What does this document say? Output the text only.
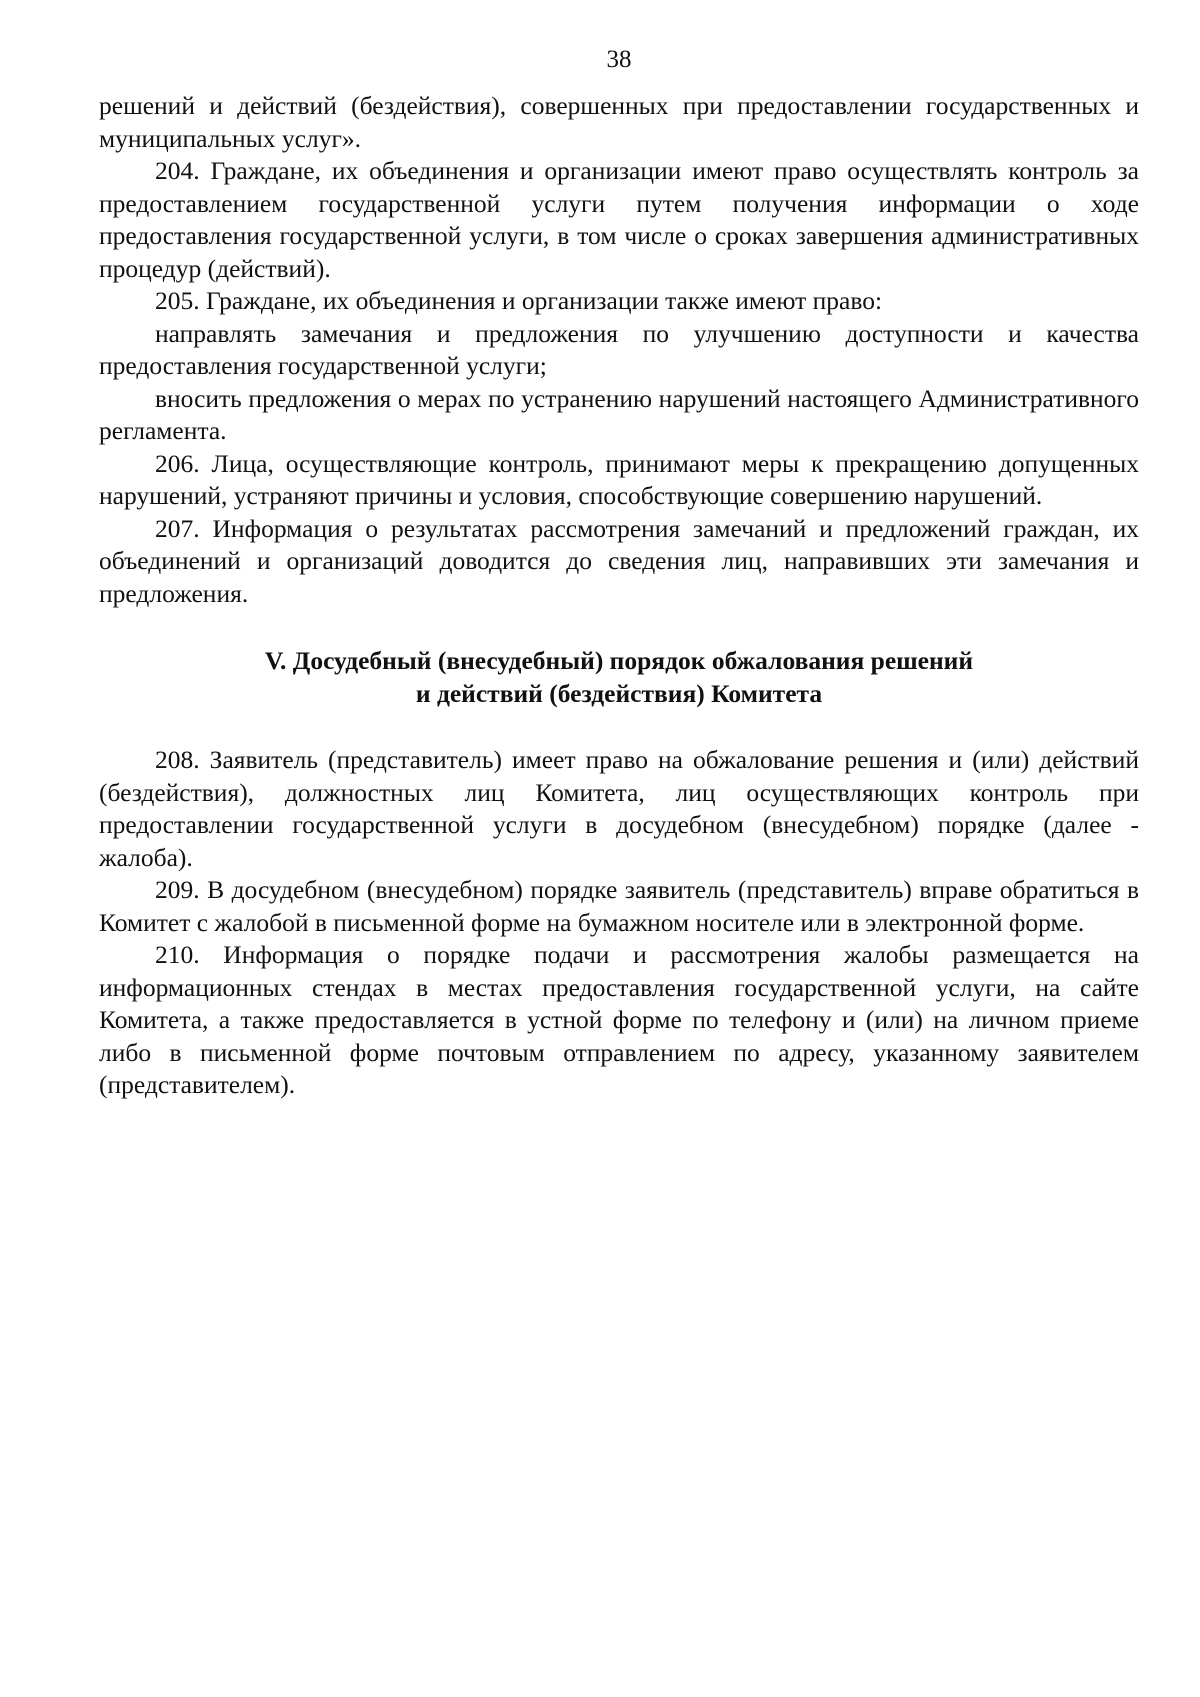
38

решений и действий (бездействия), совершенных при предоставлении государственных и муниципальных услуг».

204. Граждане, их объединения и организации имеют право осуществлять контроль за предоставлением государственной услуги путем получения информации о ходе предоставления государственной услуги, в том числе о сроках завершения административных процедур (действий).

205. Граждане, их объединения и организации также имеют право:

направлять замечания и предложения по улучшению доступности и качества предоставления государственной услуги;

вносить предложения о мерах по устранению нарушений настоящего Административного регламента.

206. Лица, осуществляющие контроль, принимают меры к прекращению допущенных нарушений, устраняют причины и условия, способствующие совершению нарушений.

207. Информация о результатах рассмотрения замечаний и предложений граждан, их объединений и организаций доводится до сведения лиц, направивших эти замечания и предложения.

V. Досудебный (внесудебный) порядок обжалования решений
и действий (бездействия) Комитета

208. Заявитель (представитель) имеет право на обжалование решения и (или) действий (бездействия), должностных лиц Комитета, лиц осуществляющих контроль при предоставлении государственной услуги в досудебном (внесудебном) порядке (далее - жалоба).

209. В досудебном (внесудебном) порядке заявитель (представитель) вправе обратиться в Комитет с жалобой в письменной форме на бумажном носителе или в электронной форме.

210. Информация о порядке подачи и рассмотрения жалобы размещается на информационных стендах в местах предоставления государственной услуги, на сайте Комитета, а также предоставляется в устной форме по телефону и (или) на личном приеме либо в письменной форме почтовым отправлением по адресу, указанному заявителем (представителем).
